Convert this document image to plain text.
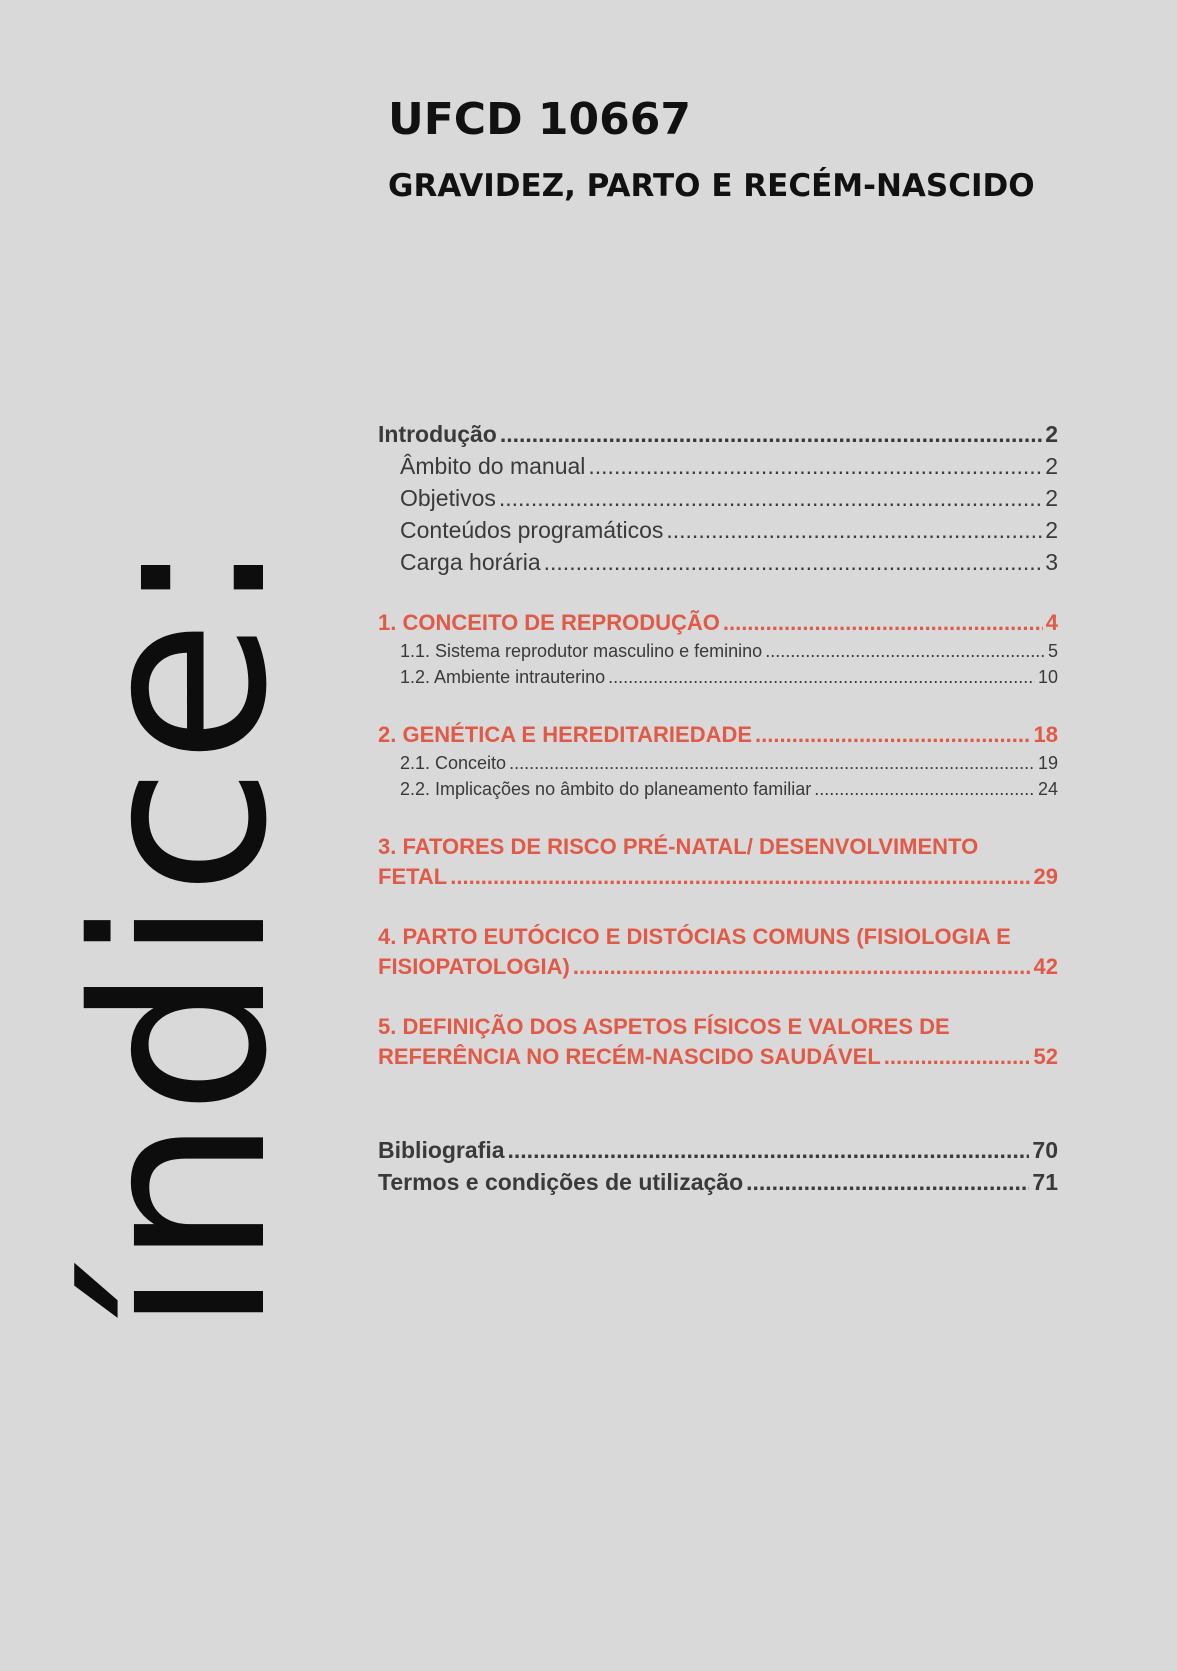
UFCD 10667
GRAVIDEZ, PARTO E RECÉM-NASCIDO
índice:
Introdução .....	2
Âmbito do manual .....	2
Objetivos .....	2
Conteúdos programáticos .....	2
Carga horária .....	3
1. CONCEITO DE REPRODUÇÃO .....	4
1.1. Sistema reprodutor masculino e feminino .....	5
1.2. Ambiente intrauterino .....	10
2. GENÉTICA E HEREDITARIEDADE .....	18
2.1. Conceito .....	19
2.2. Implicações no âmbito do planeamento familiar .....	24
3. FATORES DE RISCO PRÉ-NATAL/ DESENVOLVIMENTO
FETAL .....	29
4. PARTO EUTÓCICO E DISTÓCIAS COMUNS (FISIOLOGIA E
FISIOPATOLOGIA) .....	42
5. DEFINIÇÃO DOS ASPETOS FÍSICOS E VALORES DE
REFERÊNCIA NO RECÉM-NASCIDO SAUDÁVEL .....	52
Bibliografia .....	70
Termos e condições de utilização .....	71
